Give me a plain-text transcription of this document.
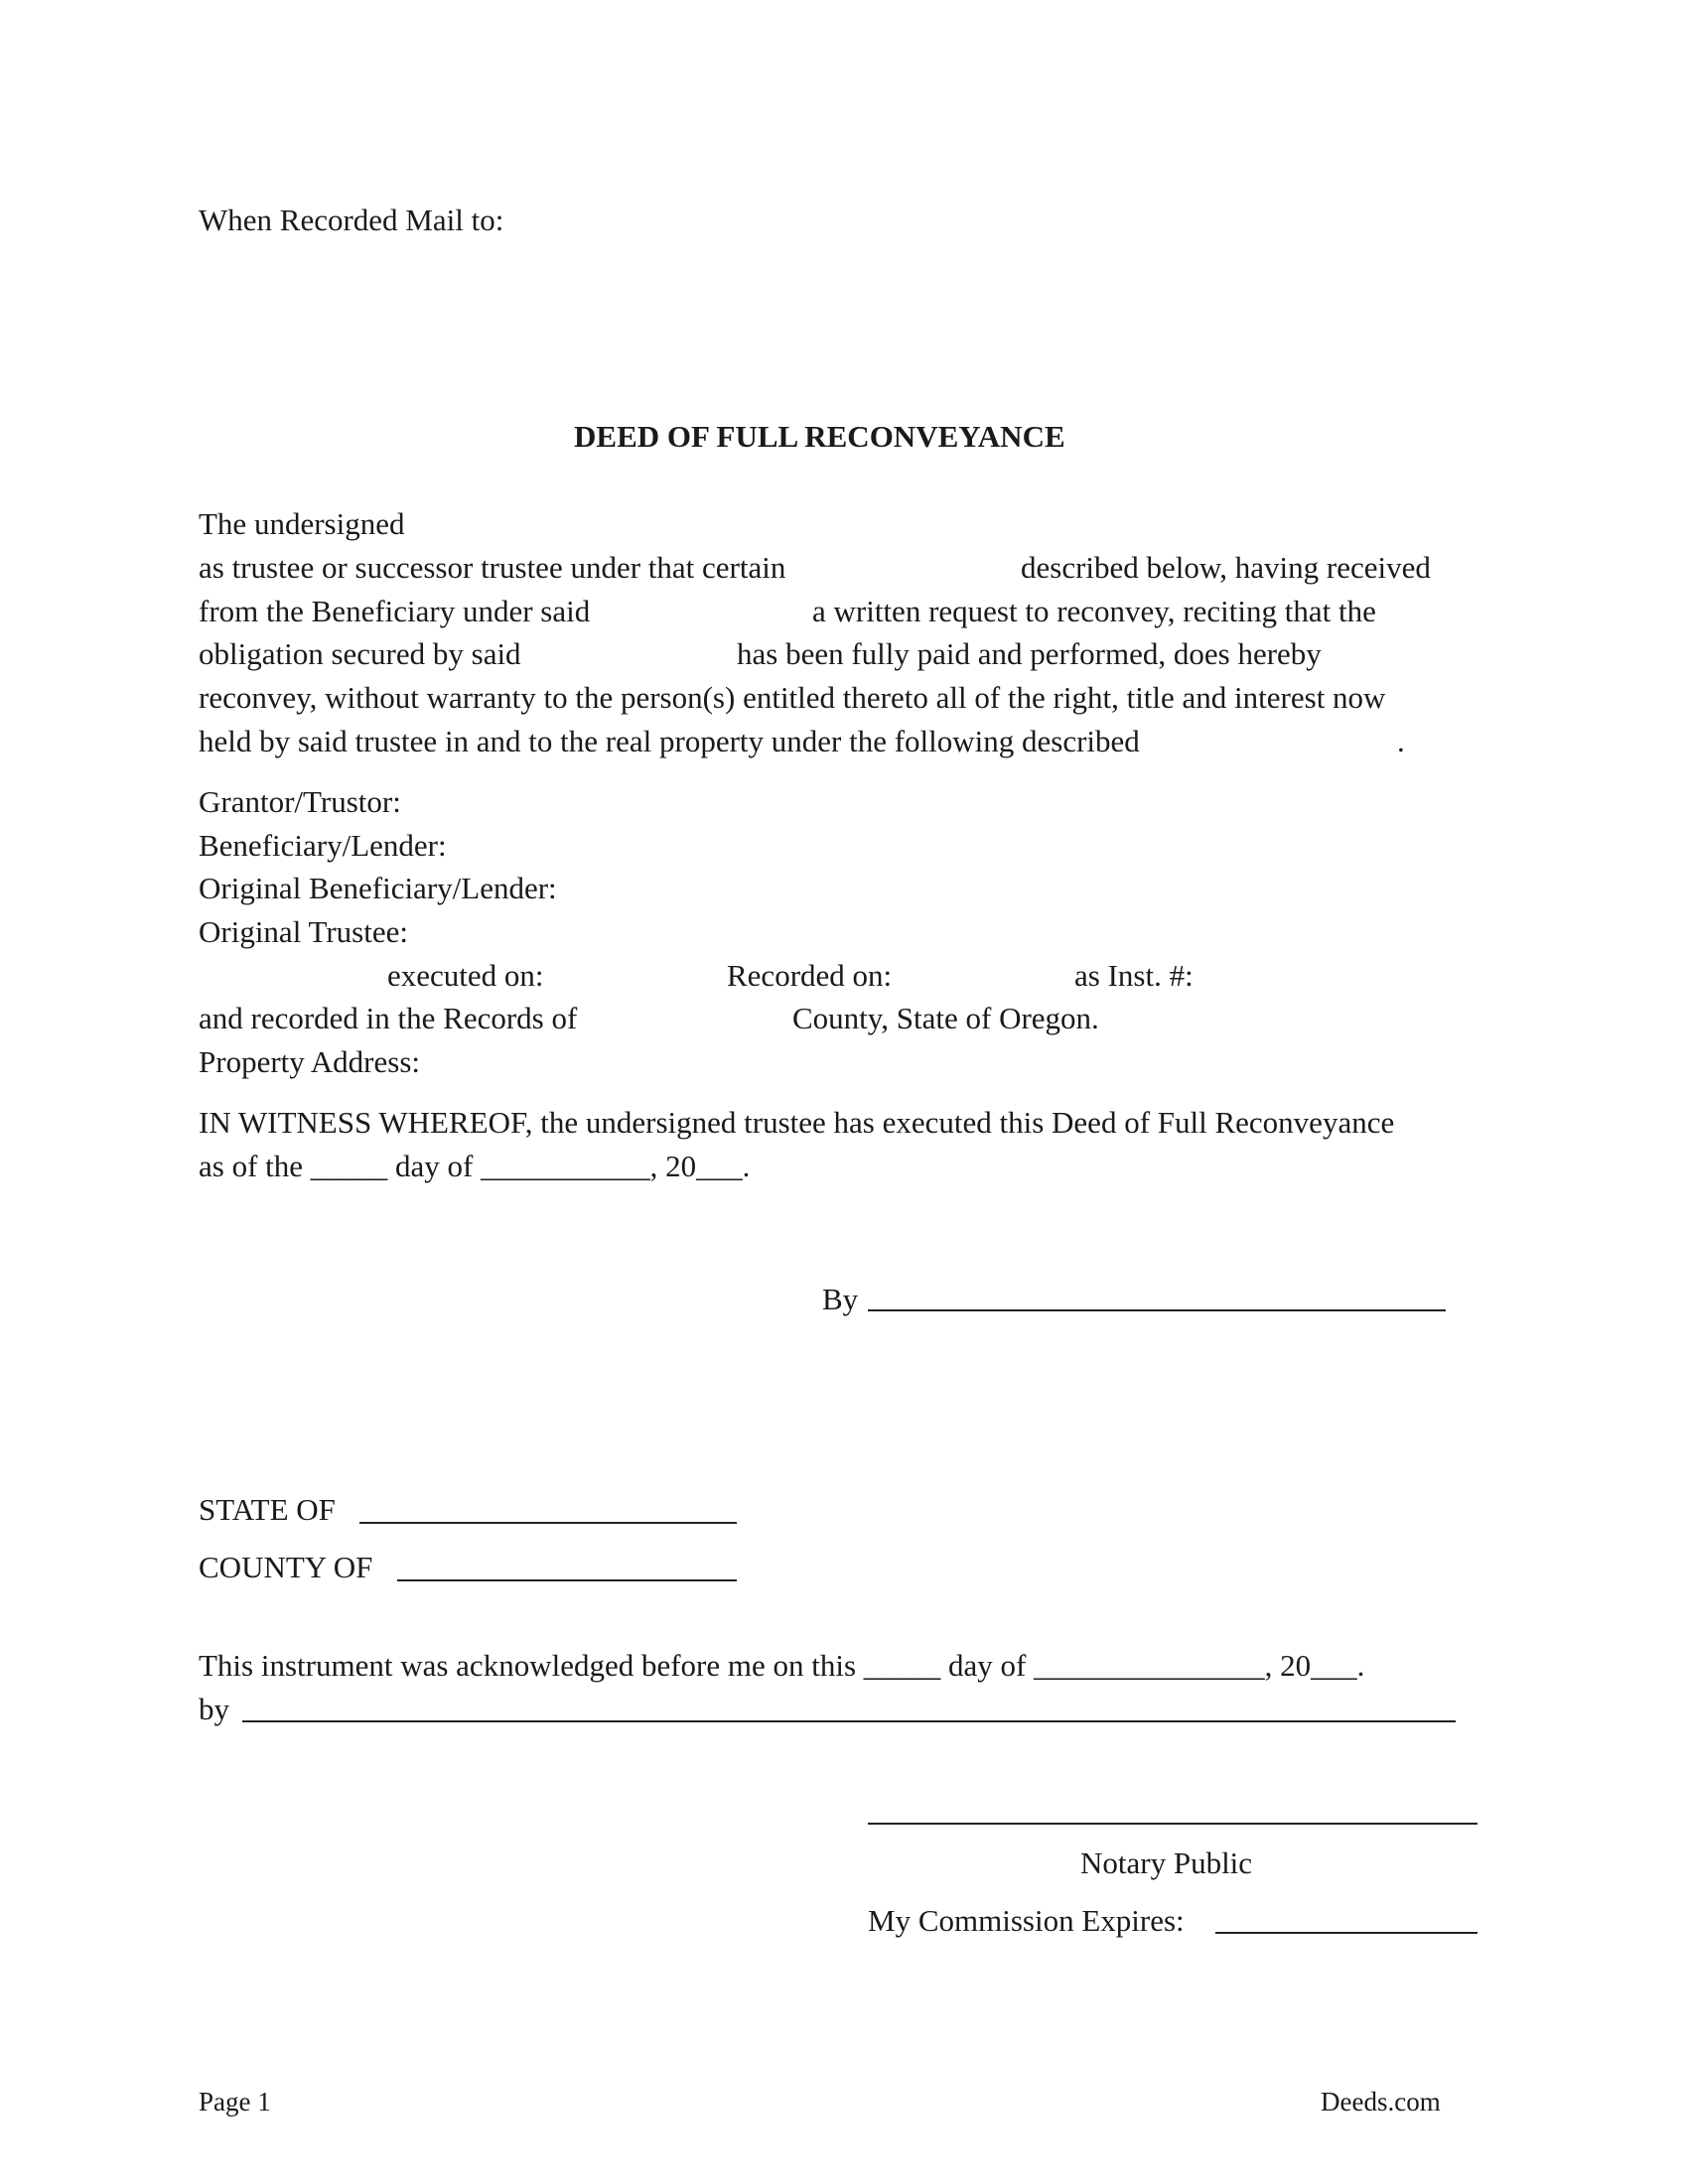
When Recorded Mail to:
DEED OF FULL RECONVEYANCE
The undersigned
as trustee or successor trustee under that certain	described below, having received
from the Beneficiary under said	a written request to reconvey, reciting that the
obligation secured by said	has been fully paid and performed, does hereby
reconvey, without warranty to the person(s) entitled thereto all of the right, title and interest now
held by said trustee in and to the real property under the following described	.
Grantor/Trustor:
Beneficiary/Lender:
Original Beneficiary/Lender:
Original Trustee:
executed on:	Recorded on:	as Inst. #:
and recorded in the Records of	County, State of Oregon.
Property Address:
IN WITNESS WHEREOF, the undersigned trustee has executed this Deed of Full Reconveyance
as of the _____ day of ___________, 20___.
By
STATE OF
COUNTY OF
This instrument was acknowledged before me on this _____ day of _______________, 20___.
by
Notary Public
My Commission Expires:
Page 1	Deeds.com
